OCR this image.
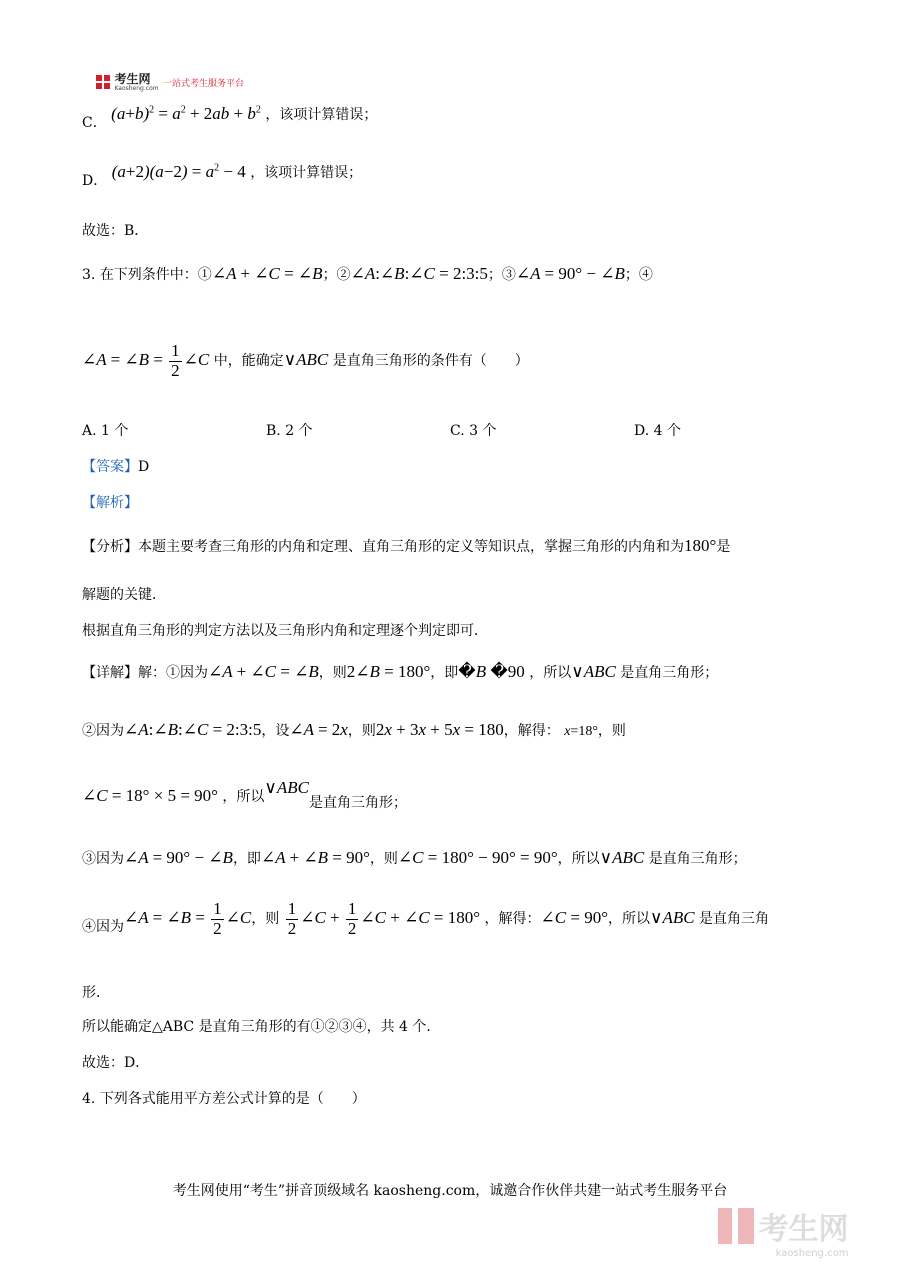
考生网
Kaosheng.com 一站式考生服务平台
C． $(a+b)^2 = a^2 + 2ab + b^2$ ，该项计算错误；
D． $(a+2)(a-2) = a^2 - 4$ ，该项计算错误；
故选：B．
3. 在下列条件中：①∠A + ∠C = ∠B；②∠A:∠B:∠C = 2:3:5；③∠A = 90° − ∠B；④
∠A = ∠B = $\frac{1}{2}$ ∠C 中，能确定∨ABC 是直角三角形的条件有（　　）
A. 1 个	B. 2 个	C. 3 个	D. 4 个
【答案】D
【解析】
【分析】本题主要考查三角形的内角和定理、直角三角形的定义等知识点，掌握三角形的内角和为180°是
解题的关键．
根据直角三角形的判定方法以及三角形内角和定理逐个判定即可．
【详解】解：①因为∠A + ∠C = ∠B，则2∠B = 180°，即�B �90 ，所以∨ABC 是直角三角形；
②因为∠A:∠B:∠C = 2:3:5，设∠A = 2x，则2x + 3x + 5x = 180，解得： x=18°，则
∠C = 18° × 5 = 90° ，所以∨ABC是直角三角形；
③因为∠A = 90° − ∠B，即∠A + ∠B = 90°，则∠C = 180° − 90° = 90°，所以∨ABC 是直角三角形；
④因为∠A = ∠B = $\frac{1}{2}$ ∠C，则 $\frac{1}{2}$ ∠C + $\frac{1}{2}$ ∠C + ∠C = 180° ，解得：∠C = 90°，所以∨ABC 是直角三角
形．
所以能确定△ABC 是直角三角形的有①②③④，共 4 个．
故选：D．
4. 下列各式能用平方差公式计算的是（　　）
考生网使用“考生”拼音顶级域名 kaosheng.com，诚邀合作伙伴共建一站式考生服务平台
考生网
kaosheng.com
